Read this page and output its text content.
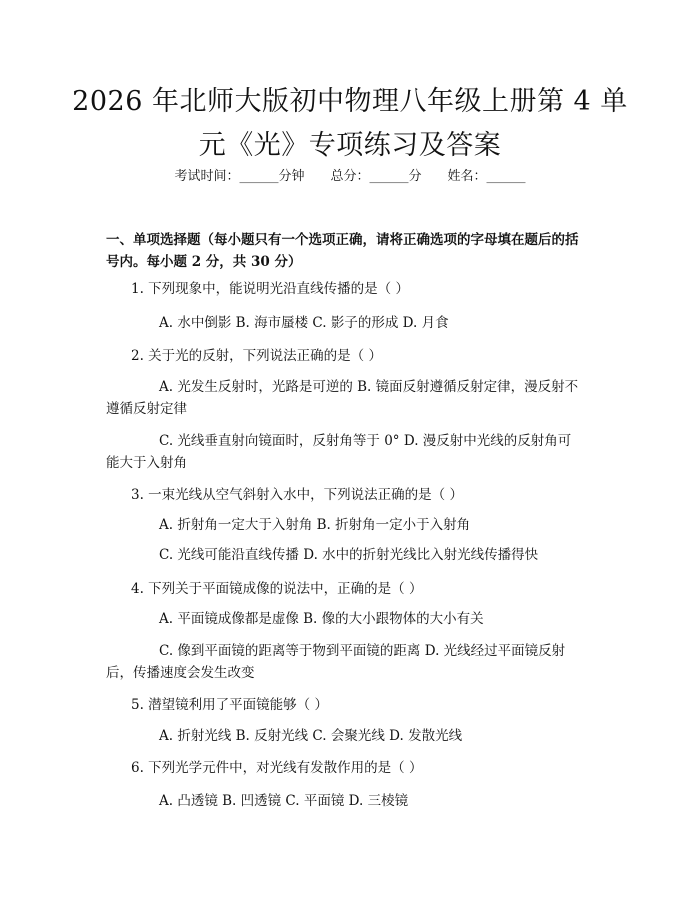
2026 年北师大版初中物理八年级上册第 4 单
元《光》专项练习及答案
考试时间：______分钟　　总分：______分　　姓名：______
一、单项选择题（每小题只有一个选项正确，请将正确选项的字母填在题后的括
号内。每小题 2 分，共 30 分）
1. 下列现象中，能说明光沿直线传播的是（ ）
A. 水中倒影 B. 海市蜃楼 C. 影子的形成 D. 月食
2. 关于光的反射，下列说法正确的是（ ）
A. 光发生反射时，光路是可逆的 B. 镜面反射遵循反射定律，漫反射不
遵循反射定律
C. 光线垂直射向镜面时，反射角等于 0° D. 漫反射中光线的反射角可
能大于入射角
3. 一束光线从空气斜射入水中，下列说法正确的是（ ）
A. 折射角一定大于入射角 B. 折射角一定小于入射角
C. 光线可能沿直线传播 D. 水中的折射光线比入射光线传播得快
4. 下列关于平面镜成像的说法中，正确的是（ ）
A. 平面镜成像都是虚像 B. 像的大小跟物体的大小有关
C. 像到平面镜的距离等于物到平面镜的距离 D. 光线经过平面镜反射
后，传播速度会发生改变
5. 潜望镜利用了平面镜能够（ ）
A. 折射光线 B. 反射光线 C. 会聚光线 D. 发散光线
6. 下列光学元件中，对光线有发散作用的是（ ）
A. 凸透镜 B. 凹透镜 C. 平面镜 D. 三棱镜
